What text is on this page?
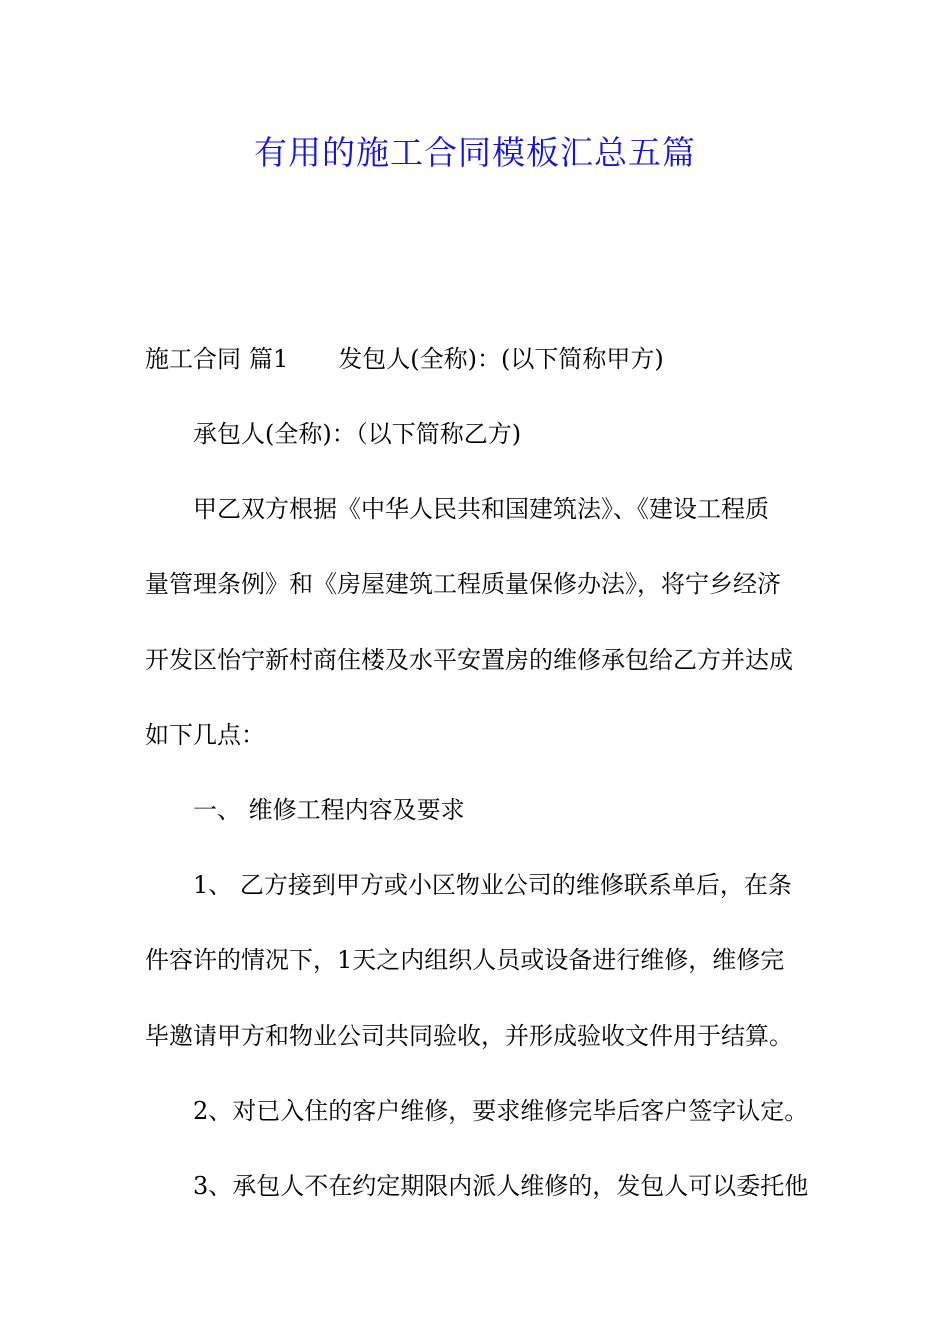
有用的施工合同模板汇总五篇
施工合同 篇1 发包人(全称)：(以下简称甲方)
承包人(全称)：（以下简称乙方)
甲乙双方根据《中华人民共和国建筑法》、《建设工程质
量管理条例》和《房屋建筑工程质量保修办法》，将宁乡经济
开发区怡宁新村商住楼及水平安置房的维修承包给乙方并达成
如下几点：
一、 维修工程内容及要求
1、 乙方接到甲方或小区物业公司的维修联系单后，在条
件容许的情况下，1天之内组织人员或设备进行维修，维修完
毕邀请甲方和物业公司共同验收，并形成验收文件用于结算。
2、对已入住的客户维修，要求维修完毕后客户签字认定。
3、承包人不在约定期限内派人维修的，发包人可以委托他
